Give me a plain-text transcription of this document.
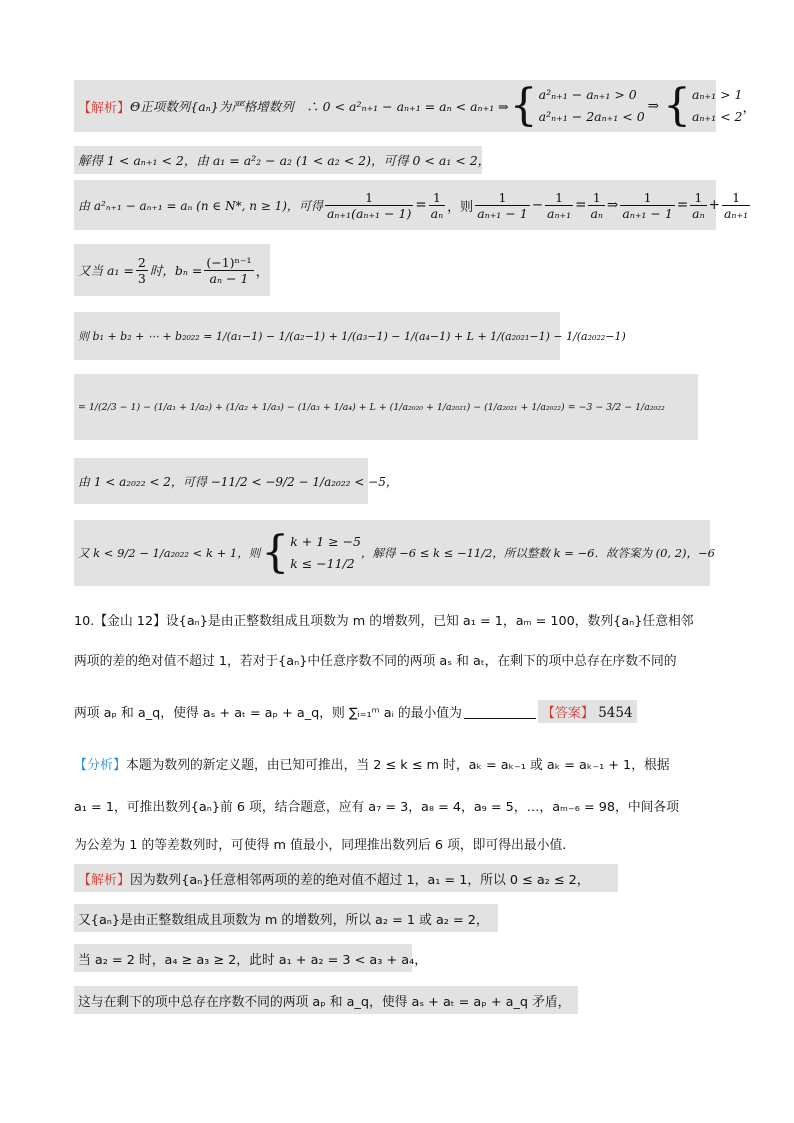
【解析】 Θ正项数列{aₙ}为严格增数列　∴ 0 < a²ₙ₊₁ − aₙ₊₁ = aₙ < aₙ₊₁ ⇒ { a²ₙ₊₁ − aₙ₊₁ > 0
a²ₙ₊₁ − 2aₙ₊₁ < 0
⇒ { aₙ₊₁ > 1
aₙ₊₁ < 2
，
解得 1 < aₙ₊₁ < 2，由 a₁ = a²₂ − a₂ (1 < a₂ < 2)，可得 0 < a₁ < 2，
由 a²ₙ₊₁ − aₙ₊₁ = aₙ (n ∈ N*, n ≥ 1)，可得 $\frac{1}{\text{aₙ₊₁(aₙ₊₁ − 1)}} = \frac{1}{\text{aₙ}}$ ，则 $\frac{1}{\text{aₙ₊₁ − 1}} - \frac{1}{\text{aₙ₊₁}} = \frac{1}{\text{aₙ}}$ ⇒ $\frac{1}{\text{aₙ₊₁ − 1}} = \frac{1}{\text{aₙ}} + \frac{1}{\text{aₙ₊₁}}$
又当 $a_1 = \frac{2}{3}$ 时，$b_n = \frac{\text{(−1)ⁿ⁻¹}}{\text{aₙ − 1}}$ ，
则 b₁ + b₂ + ⋯ + b₂₀₂₂ = 1/(a₁−1) − 1/(a₂−1) + 1/(a₃−1) − 1/(a₄−1) + L + 1/(a₂₀₂₁−1) − 1/(a₂₀₂₂−1)
= 1/(2/3 − 1) − (1/a₁ + 1/a₂) + (1/a₂ + 1/a₃) − (1/a₃ + 1/a₄) + L + (1/a₂₀₂₀ + 1/a₂₀₂₁) − (1/a₂₀₂₁ + 1/a₂₀₂₂) = −3 − 3/2 − 1/a₂₀₂₂
由 1 < a₂₀₂₂ < 2，可得 −11/2 < −9/2 − 1/a₂₀₂₂ < −5，
又 k < 9/2 − 1/a₂₀₂₂ < k + 1，则 { k + 1 ≥ −5
k ≤ −11/2
，解得 −6 ≤ k ≤ −11/2，所以整数 k = −6．故答案为 (0, 2)，−6
10.【金山 12】设{aₙ}是由正整数组成且项数为 m 的增数列，已知 a₁ = 1，aₘ = 100，数列{aₙ}任意相邻
两项的差的绝对值不超过 1，若对于{aₙ}中任意序数不同的两项 aₛ 和 aₜ，在剩下的项中总存在序数不同的
两项 aₚ 和 a_q，使得 aₛ + aₜ = aₚ + a_q，则 ∑ᵢ₌₁ᵐ aᵢ 的最小值为	【答案】 5454
【分析】 本题为数列的新定义题，由已知可推出，当 2 ≤ k ≤ m 时，aₖ = aₖ₋₁ 或 aₖ = aₖ₋₁ + 1，根据
a₁ = 1，可推出数列{aₙ}前 6 项，结合题意，应有 a₇ = 3，a₈ = 4，a₉ = 5，…，aₘ₋₆ = 98，中间各项
为公差为 1 的等差数列时，可使得 m 值最小，同理推出数列后 6 项，即可得出最小值.
【解析】 因为数列{aₙ}任意相邻两项的差的绝对值不超过 1，a₁ = 1，所以 0 ≤ a₂ ≤ 2，
又{aₙ}是由正整数组成且项数为 m 的增数列，所以 a₂ = 1 或 a₂ = 2，
当 a₂ = 2 时，a₄ ≥ a₃ ≥ 2，此时 a₁ + a₂ = 3 < a₃ + a₄，
这与在剩下的项中总存在序数不同的两项 aₚ 和 a_q，使得 aₛ + aₜ = aₚ + a_q 矛盾，
